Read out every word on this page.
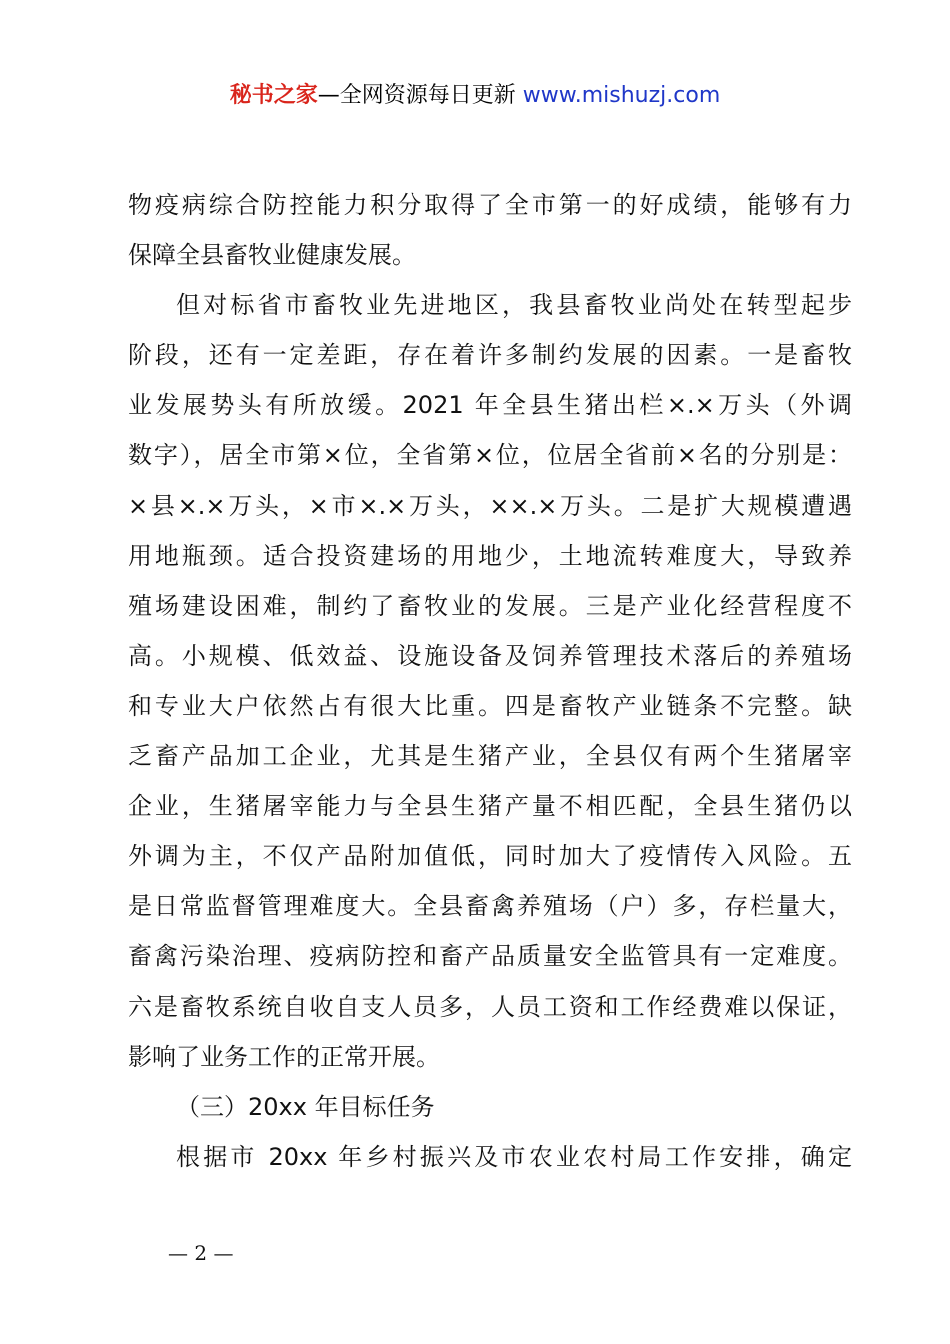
秘书之家—全网资源每日更新 www.mishuzj.com
物疫病综合防控能力积分取得了全市第一的好成绩，能够有力
保障全县畜牧业健康发展。
但对标省市畜牧业先进地区，我县畜牧业尚处在转型起步
阶段，还有一定差距，存在着许多制约发展的因素。一是畜牧
业发展势头有所放缓。2021 年全县生猪出栏×.×万头（外调
数字），居全市第×位，全省第×位，位居全省前×名的分别是：
×县×.×万头，×市×.×万头，××.×万头。二是扩大规模遭遇
用地瓶颈。适合投资建场的用地少，土地流转难度大，导致养
殖场建设困难，制约了畜牧业的发展。三是产业化经营程度不
高。小规模、低效益、设施设备及饲养管理技术落后的养殖场
和专业大户依然占有很大比重。四是畜牧产业链条不完整。缺
乏畜产品加工企业，尤其是生猪产业，全县仅有两个生猪屠宰
企业，生猪屠宰能力与全县生猪产量不相匹配，全县生猪仍以
外调为主，不仅产品附加值低，同时加大了疫情传入风险。五
是日常监督管理难度大。全县畜禽养殖场（户）多，存栏量大，
畜禽污染治理、疫病防控和畜产品质量安全监管具有一定难度。
六是畜牧系统自收自支人员多，人员工资和工作经费难以保证，
影响了业务工作的正常开展。
（三）20xx 年目标任务
根据市 20xx 年乡村振兴及市农业农村局工作安排，确定
— 2 —
